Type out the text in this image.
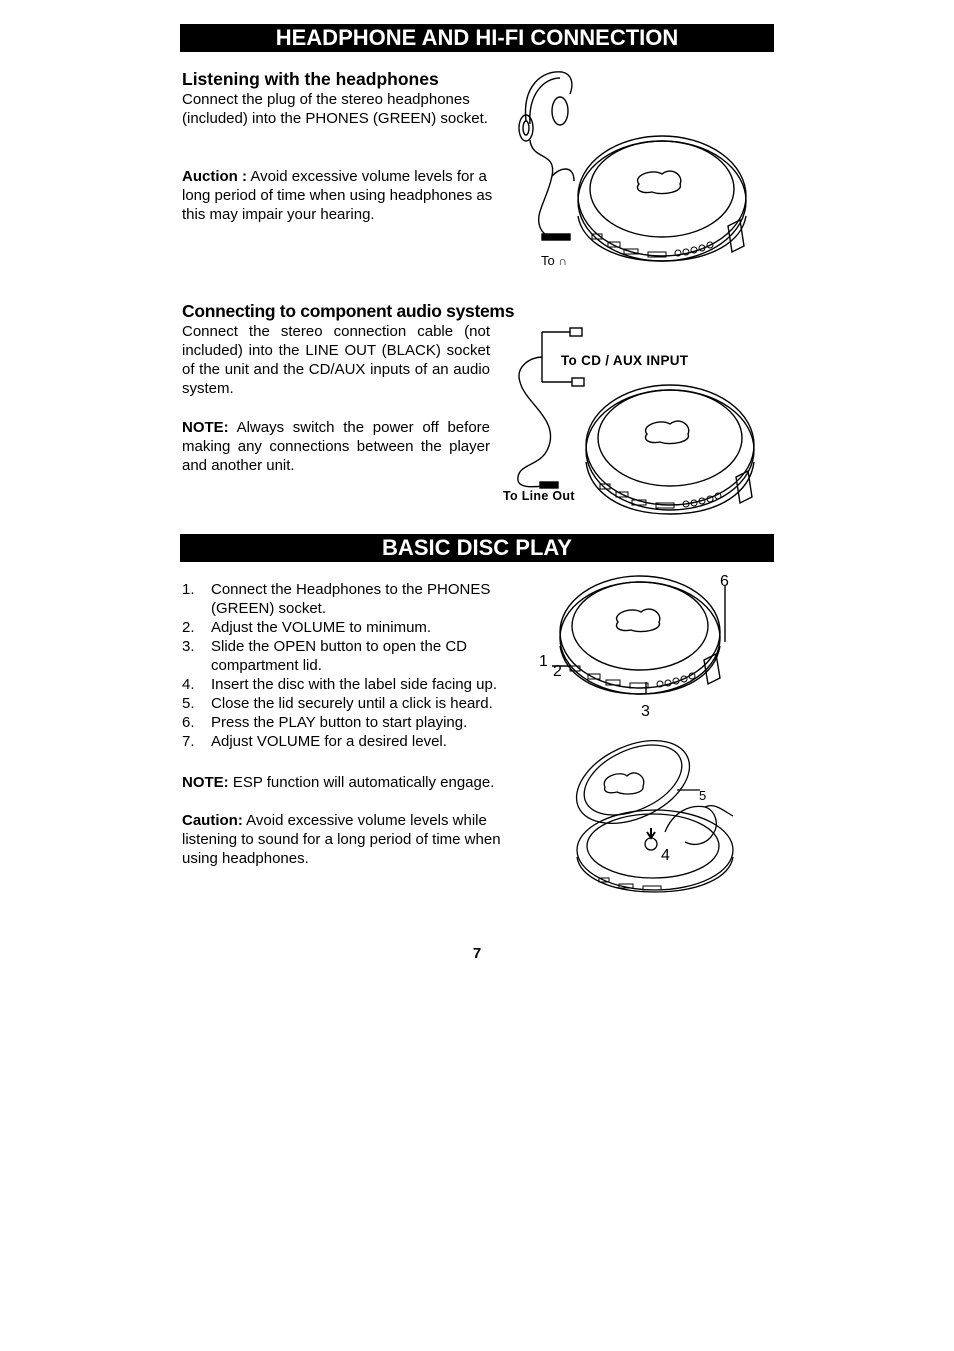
HEADPHONE AND HI-FI CONNECTION
Listening with the headphones
Connect the plug of the stereo headphones (included) into the PHONES (GREEN) socket.
Auction : Avoid excessive volume levels for a long period of time when using headphones as this may impair your hearing.
To ∩
Connecting to component audio systems
Connect the stereo connection cable (not included) into the LINE OUT (BLACK) socket of the unit and the CD/AUX inputs of an audio system.
NOTE: Always switch the power off before making any connections between the player and another unit.
To CD / AUX INPUT
To Line Out
BASIC DISC PLAY
1. Connect the Headphones to the PHONES (GREEN) socket.
2. Adjust the VOLUME to minimum.
3. Slide the OPEN button to open the CD compartment lid.
4. Insert the disc with the label side facing up.
5. Close the lid securely until a click is heard.
6. Press the PLAY button to start playing.
7. Adjust VOLUME for a desired level.
NOTE: ESP function will automatically engage.
Caution: Avoid excessive volume levels while listening to sound for a long period of time when using headphones.
6
1
2
3
5
4
7
